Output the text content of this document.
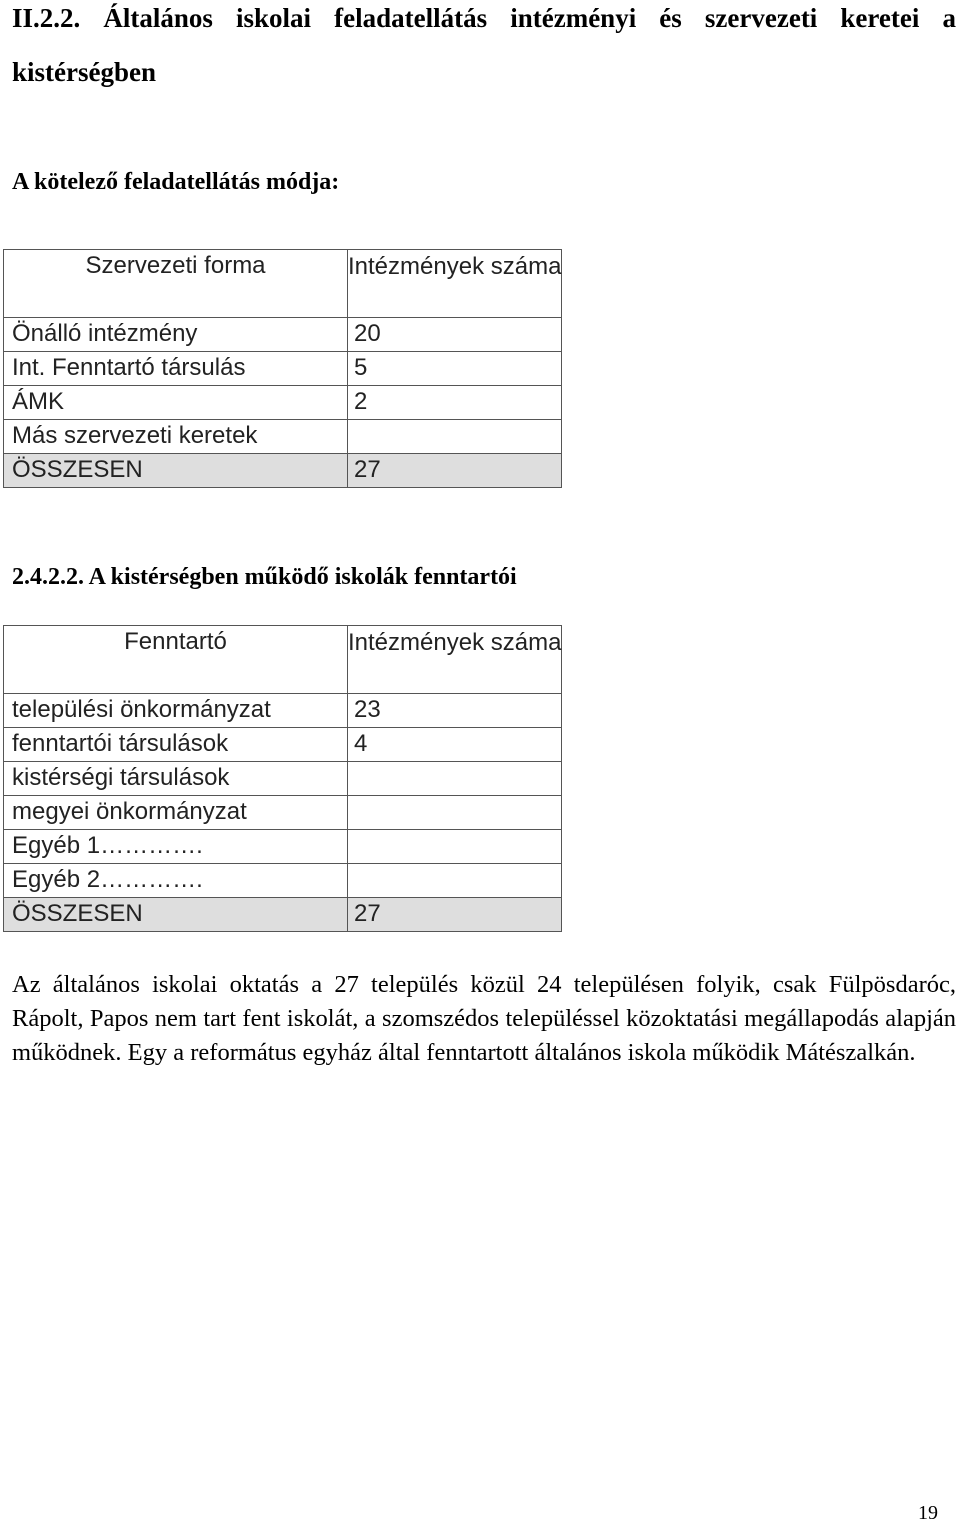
II.2.2. Általános iskolai feladatellátás intézményi és szervezeti keretei a kistérségben
A kötelező feladatellátás módja:
Szervezeti forma	Intézmények száma
Önálló intézmény	20
Int. Fenntartó társulás	5
ÁMK	2
Más szervezeti keretek	
ÖSSZESEN	27
2.4.2.2. A kistérségben működő iskolák fenntartói
Fenntartó	Intézmények száma
települési önkormányzat	23
fenntartói társulások	4
kistérségi társulások	
megyei önkormányzat	
Egyéb 1………….	
Egyéb 2………….	
ÖSSZESEN	27
Az általános iskolai oktatás a 27 település közül 24 településen folyik, csak Fülpösdaróc, Rápolt, Papos nem tart fent iskolát, a szomszédos településsel közoktatási megállapodás alapján működnek. Egy a református egyház által fenntartott általános iskola működik Mátészalkán.
19
